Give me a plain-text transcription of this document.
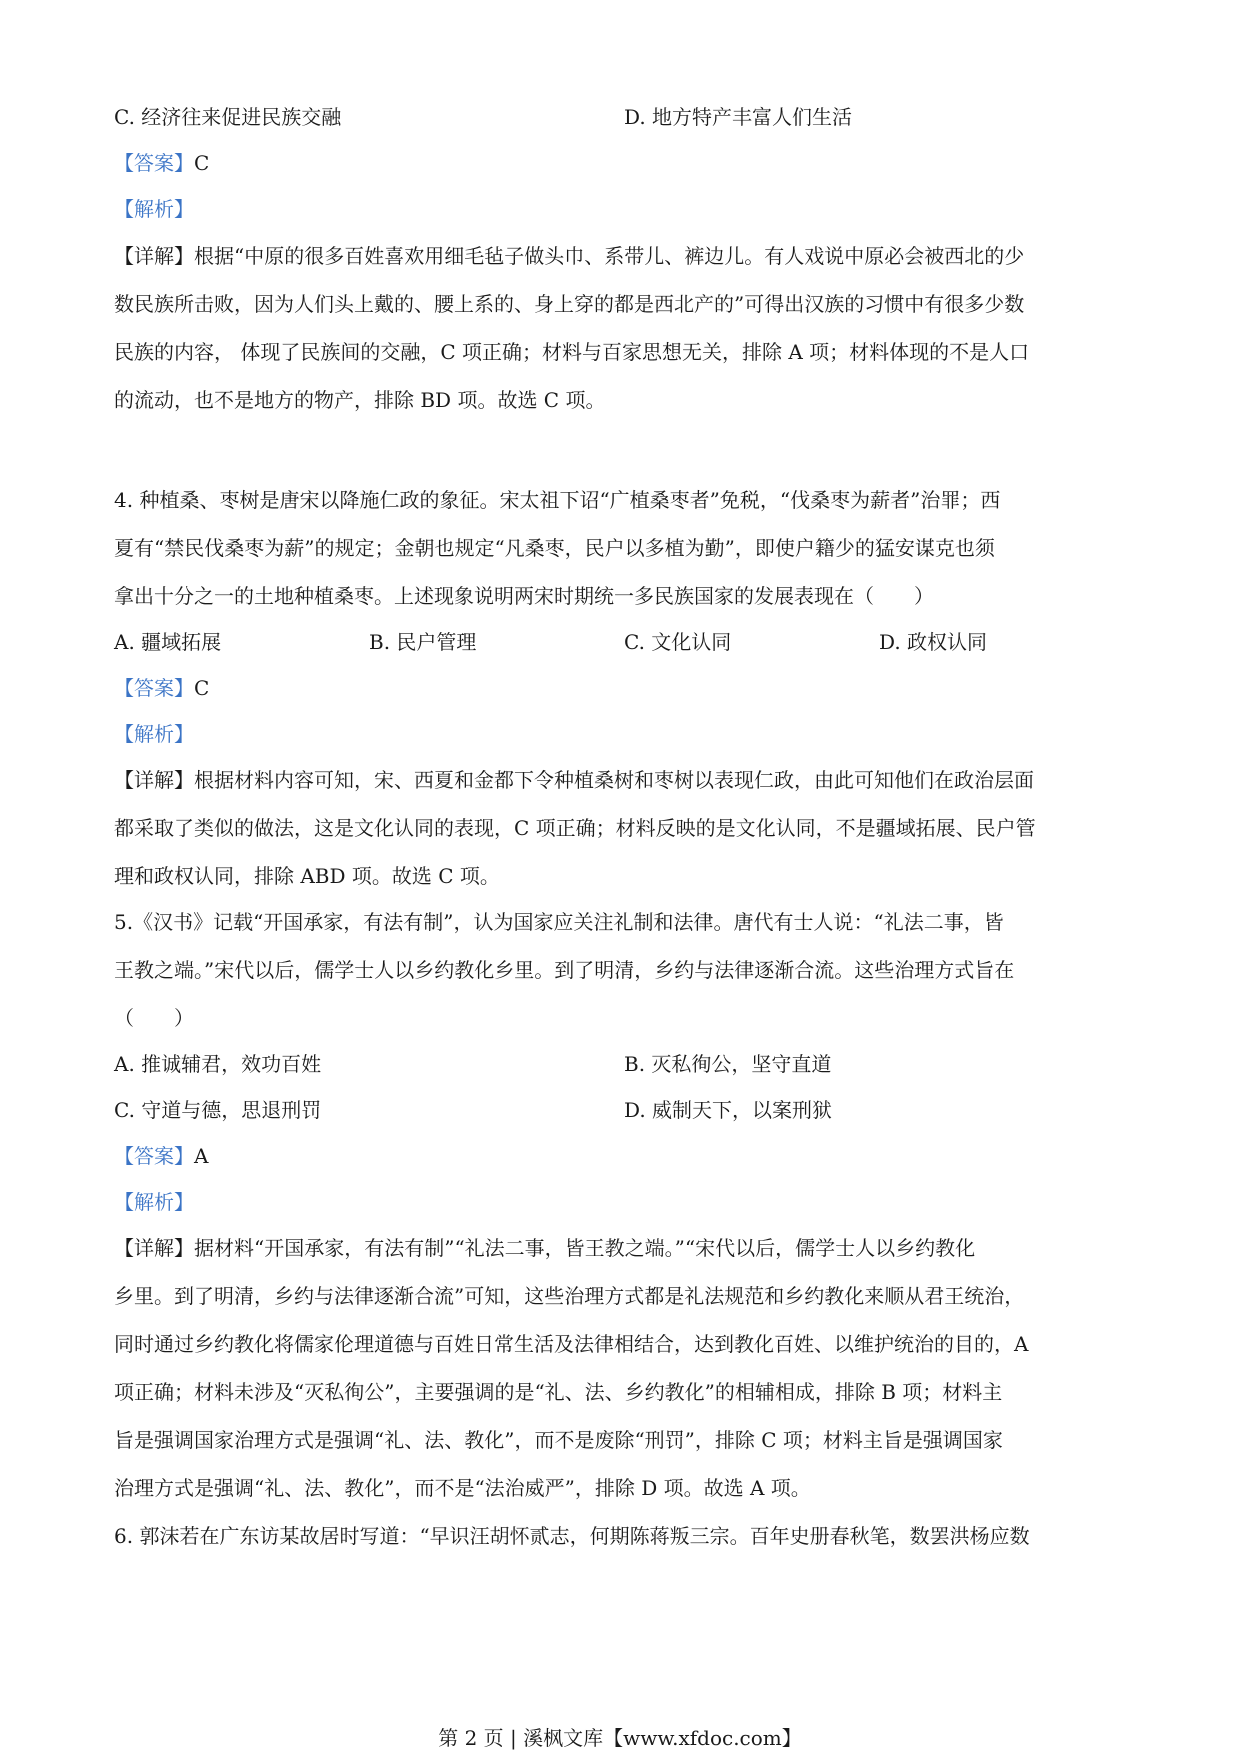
C. 经济往来促进民族交融	D. 地方特产丰富人们生活
【答案】C
【解析】
【详解】根据“中原的很多百姓喜欢用细毛毡子做头巾、系带儿、裤边儿。有人戏说中原必会被西北的少
数民族所击败，因为人们头上戴的、腰上系的、身上穿的都是西北产的”可得出汉族的习惯中有很多少数
民族的内容， 体现了民族间的交融，C 项正确；材料与百家思想无关，排除 A 项；材料体现的不是人口
的流动，也不是地方的物产，排除 BD 项。故选 C 项。
4. 种植桑、枣树是唐宋以降施仁政的象征。宋太祖下诏“广植桑枣者”免税，“伐桑枣为薪者”治罪；西
夏有“禁民伐桑枣为薪”的规定；金朝也规定“凡桑枣，民户以多植为勤”，即使户籍少的猛安谋克也须
拿出十分之一的土地种植桑枣。上述现象说明两宋时期统一多民族国家的发展表现在（　　）
A. 疆域拓展	B. 民户管理	C. 文化认同	D. 政权认同
【答案】C
【解析】
【详解】根据材料内容可知，宋、西夏和金都下令种植桑树和枣树以表现仁政，由此可知他们在政治层面
都采取了类似的做法，这是文化认同的表现，C 项正确；材料反映的是文化认同，不是疆域拓展、民户管
理和政权认同，排除 ABD 项。故选 C 项。
5.《汉书》记载“开国承家，有法有制”，认为国家应关注礼制和法律。唐代有士人说：“礼法二事，皆
王教之端。”宋代以后，儒学士人以乡约教化乡里。到了明清，乡约与法律逐渐合流。这些治理方式旨在
（　　）
A. 推诚辅君，效功百姓	B. 灭私徇公，坚守直道
C. 守道与德，思退刑罚	D. 威制天下，以案刑狱
【答案】A
【解析】
【详解】据材料“开国承家，有法有制”“礼法二事，皆王教之端。”“宋代以后，儒学士人以乡约教化
乡里。到了明清，乡约与法律逐渐合流”可知，这些治理方式都是礼法规范和乡约教化来顺从君王统治，
同时通过乡约教化将儒家伦理道德与百姓日常生活及法律相结合，达到教化百姓、以维护统治的目的，A
项正确；材料未涉及“灭私徇公”，主要强调的是“礼、法、乡约教化”的相辅相成，排除 B 项；材料主
旨是强调国家治理方式是强调“礼、法、教化”，而不是废除“刑罚”，排除 C 项；材料主旨是强调国家
治理方式是强调“礼、法、教化”，而不是“法治威严”，排除 D 项。故选 A 项。
6. 郭沫若在广东访某故居时写道：“早识汪胡怀贰志，何期陈蒋叛三宗。百年史册春秋笔，数罢洪杨应数
第 2 页 | 溪枫文库【www.xfdoc.com】
